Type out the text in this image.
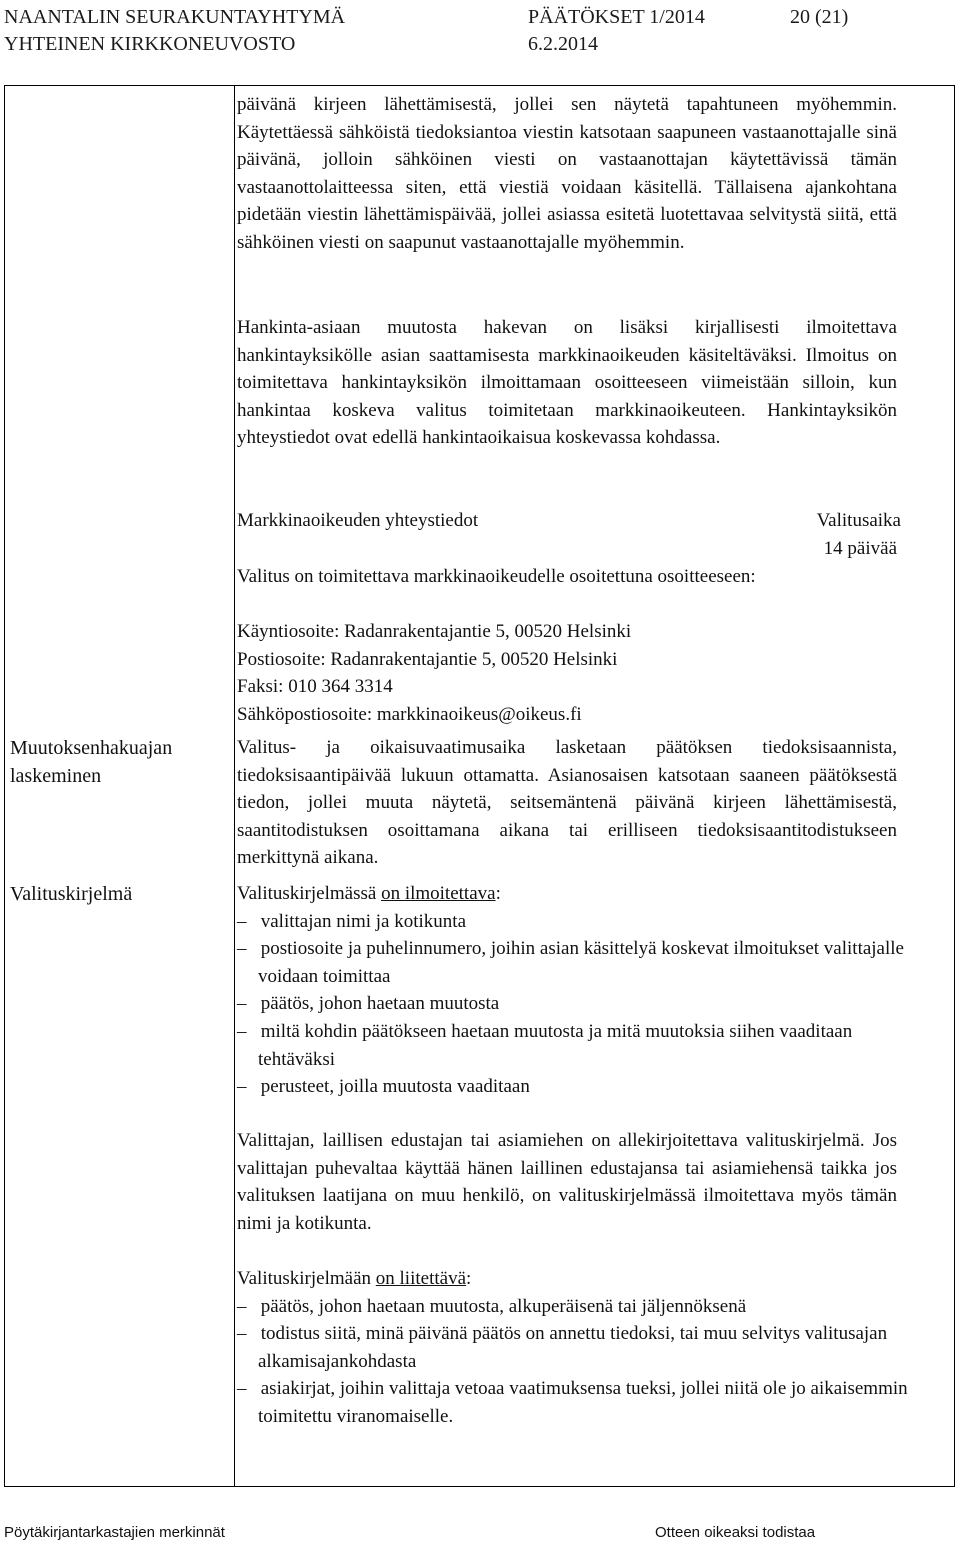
NAANTALIN SEURAKUNTAYHTYMÄ	PÄÄTÖKSET 1/2014	20 (21)
YHTEINEN KIRKKONEUVOSTO	6.2.2014

päivänä kirjeen lähettämisestä, jollei sen näytetä tapahtuneen myöhemmin. Käytettäessä sähköistä tiedoksiantoa viestin katsotaan saapuneen vastaanottajalle sinä päivänä, jolloin sähköinen viesti on vastaanottajan käytettävissä tämän vastaanottolaitteessa siten, että viestiä voidaan käsitellä. Tällaisena ajankohtana pidetään viestin lähettämispäivää, jollei asiassa esitetä luotettavaa selvitystä siitä, että sähköinen viesti on saapunut vastaanottajalle myöhemmin.

Hankinta-asiaan muutosta hakevan on lisäksi kirjallisesti ilmoitettava hankintayksikölle asian saattamisesta markkinaoikeuden käsiteltäväksi. Ilmoitus on toimitettava hankintayksikön ilmoittamaan osoitteeseen viimeistään silloin, kun hankintaa koskeva valitus toimitetaan markkinaoikeuteen. Hankintayksikön yhteystiedot ovat edellä hankintaoikaisua koskevassa kohdassa.

Markkinaoikeuden yhteystiedot	Valitusaika
14 päivää
Valitus on toimitettava markkinaoikeudelle osoitettuna osoitteeseen:
Käyntiosoite: Radanrakentajantie 5, 00520 Helsinki
Postiosoite: Radanrakentajantie 5, 00520 Helsinki
Faksi: 010 364 3314
Sähköpostiosoite: markkinaoikeus@oikeus.fi
Muutoksenhakuajan laskeminen

Valitus- ja oikaisuvaatimusaika lasketaan päätöksen tiedoksisaannista, tiedoksisaantipäivää lukuun ottamatta. Asianosaisen katsotaan saaneen päätöksestä tiedon, jollei muuta näytetä, seitsemäntenä päivänä kirjeen lähettämisestä, saantitodistuksen osoittamana aikana tai erilliseen tiedoksisaantitodistukseen merkittynä aikana.

Valituskirjelmä	Valituskirjelmässä on ilmoitettava:
– valittajan nimi ja kotikunta
– postiosoite ja puhelinnumero, joihin asian käsittelyä koskevat ilmoitukset valittajalle voidaan toimittaa
– päätös, johon haetaan muutosta
– miltä kohdin päätökseen haetaan muutosta ja mitä muutoksia siihen vaaditaan tehtäväksi
– perusteet, joilla muutosta vaaditaan

Valittajan, laillisen edustajan tai asiamiehen on allekirjoitettava valituskirjelmä. Jos valittajan puhevaltaa käyttää hänen laillinen edustajansa tai asiamiehensä taikka jos valituksen laatijana on muu henkilö, on valituskirjelmässä ilmoitettava myös tämän nimi ja kotikunta.

Valituskirjelmään on liitettävä:
– päätös, johon haetaan muutosta, alkuperäisenä tai jäljennöksenä
– todistus siitä, minä päivänä päätös on annettu tiedoksi, tai muu selvitys valitusajan alkamisajankohdasta
– asiakirjat, joihin valittaja vetoaa vaatimuksensa tueksi, jollei niitä ole jo aikaisemmin toimitettu viranomaiselle.
Pöytäkirjantarkastajien merkinnät	Otteen oikeaksi todistaa
